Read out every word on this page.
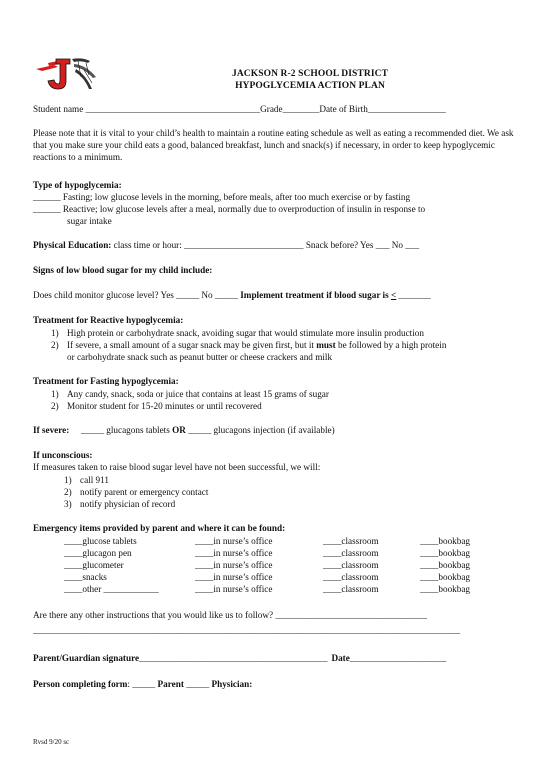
JACKSON R-2 SCHOOL DISTRICT
HYPOGLYCEMIA ACTION PLAN
Student name ______________________________________Grade________Date of Birth_________________
Please note that it is vital to your child’s health to maintain a routine eating schedule as well as eating a recommended diet. We ask that you make sure your child eats a good, balanced breakfast, lunch and snack(s) if necessary, in order to keep hypoglycemic reactions to a minimum.
Type of hypoglycemia:
______ Fasting; low glucose levels in the morning, before meals, after too much exercise or by fasting
______ Reactive; low glucose levels after a meal, normally due to overproduction of insulin in response to
sugar intake
Physical Education: class time or hour: __________________________ Snack before? Yes ___ No ___
Signs of low blood sugar for my child include:
Does child monitor glucose level? Yes _____ No _____ Implement treatment if blood sugar is < _______
Treatment for Reactive hypoglycemia:
1) High protein or carbohydrate snack, avoiding sugar that would stimulate more insulin production
2) If severe, a small amount of a sugar snack may be given first, but it must be followed by a high protein
or carbohydrate snack such as peanut butter or cheese crackers and milk
Treatment for Fasting hypoglycemia:
1) Any candy, snack, soda or juice that contains at least 15 grams of sugar
2) Monitor student for 15-20 minutes or until recovered
If severe: _____ glucagons tablets OR _____ glucagons injection (if available)
If unconscious:
If measures taken to raise blood sugar level have not been successful, we will:
1) call 911
2) notify parent or emergency contact
3) notify physician of record
Emergency items provided by parent and where it can be found:
____glucose tablets	____in nurse’s office	____classroom	____bookbag
____glucagon pen	____in nurse’s office	____classroom	____bookbag
____glucometer	____in nurse’s office	____classroom	____bookbag
____snacks	____in nurse’s office	____classroom	____bookbag
____other ____________	____in nurse’s office	____classroom	____bookbag
Are there any other instructions that you would like us to follow? _________________________________
_____________________________________________________________________________________________
Parent/Guardian signature_________________________________________ Date_____________________
Person completing form: _____ Parent _____ Physician:
Rvsd 9/20 sc
